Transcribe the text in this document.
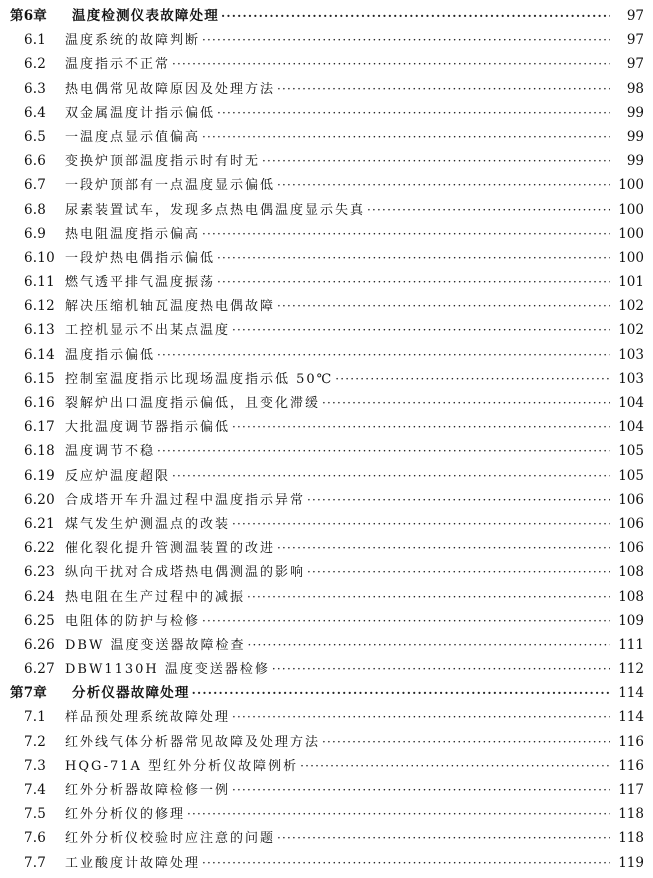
第6章	温度检测仪表故障处理 ·····	97
6.1	温度系统的故障判断 ·····	97
6.2	温度指示不正常 ·····	97
6.3	热电偶常见故障原因及处理方法 ·····	98
6.4	双金属温度计指示偏低 ·····	99
6.5	一温度点显示值偏高 ·····	99
6.6	变换炉顶部温度指示时有时无 ·····	99
6.7	一段炉顶部有一点温度显示偏低 ·····	100
6.8	尿素装置试车，发现多点热电偶温度显示失真 ·····	100
6.9	热电阻温度指示偏高 ·····	100
6.10 一段炉热电偶指示偏低 ·····	100
6.11 燃气透平排气温度振荡 ·····	101
6.12 解决压缩机轴瓦温度热电偶故障 ·····	102
6.13 工控机显示不出某点温度 ·····	102
6.14 温度指示偏低 ·····	103
6.15 控制室温度指示比现场温度指示低 50℃ ·····	103
6.16 裂解炉出口温度指示偏低，且变化滞缓 ·····	104
6.17 大批温度调节器指示偏低 ·····	104
6.18 温度调节不稳 ·····	105
6.19 反应炉温度超限 ·····	105
6.20 合成塔开车升温过程中温度指示异常 ·····	106
6.21 煤气发生炉测温点的改装 ·····	106
6.22 催化裂化提升管测温装置的改进 ·····	106
6.23 纵向干扰对合成塔热电偶测温的影响 ·····	108
6.24 热电阻在生产过程中的减振 ·····	108
6.25 电阻体的防护与检修 ·····	109
6.26 DBW 温度变送器故障检查 ·····	111
6.27 DBW1130H 温度变送器检修 ·····	112
第7章	分析仪器故障处理 ·····	114
7.1	样品预处理系统故障处理 ·····	114
7.2	红外线气体分析器常见故障及处理方法 ·····	116
7.3	HQG-71A 型红外分析仪故障例析 ·····	116
7.4	红外分析器故障检修一例 ·····	117
7.5	红外分析仪的修理 ·····	118
7.6	红外分析仪校验时应注意的问题 ·····	118
7.7	工业酸度计故障处理 ·····	119
